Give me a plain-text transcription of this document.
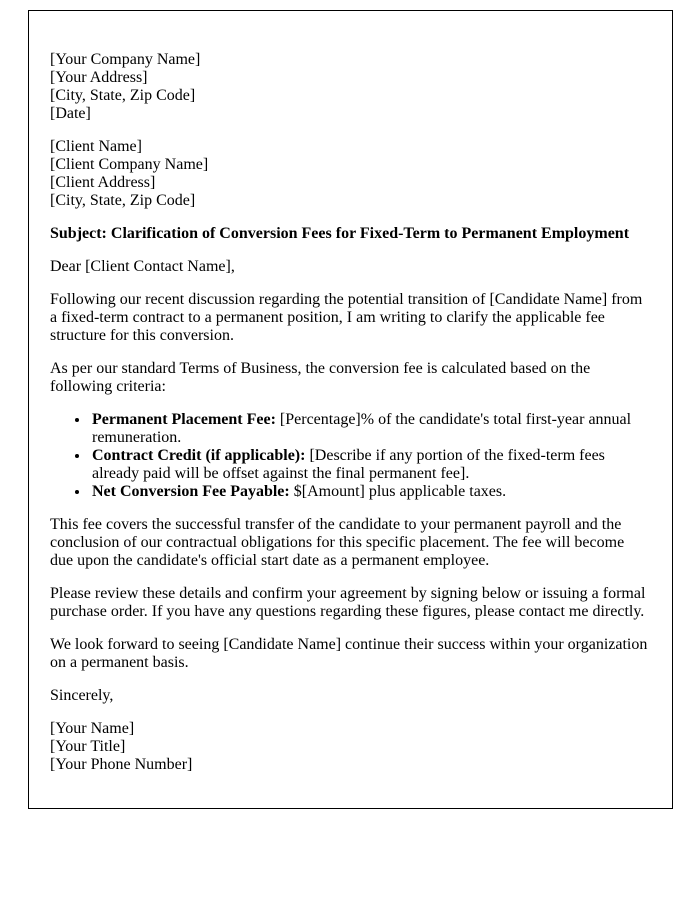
[Your Company Name]
[Your Address]
[City, State, Zip Code]
[Date]
[Client Name]
[Client Company Name]
[Client Address]
[City, State, Zip Code]
Subject: Clarification of Conversion Fees for Fixed-Term to Permanent Employment
Dear [Client Contact Name],

Following our recent discussion regarding the potential transition of [Candidate Name] from a fixed-term contract to a permanent position, I am writing to clarify the applicable fee structure for this conversion.

As per our standard Terms of Business, the conversion fee is calculated based on the following criteria:

• Permanent Placement Fee: [Percentage]% of the candidate's total first-year annual remuneration.
• Contract Credit (if applicable): [Describe if any portion of the fixed-term fees already paid will be offset against the final permanent fee].
• Net Conversion Fee Payable: $[Amount] plus applicable taxes.

This fee covers the successful transfer of the candidate to your permanent payroll and the conclusion of our contractual obligations for this specific placement. The fee will become due upon the candidate's official start date as a permanent employee.

Please review these details and confirm your agreement by signing below or issuing a formal purchase order. If you have any questions regarding these figures, please contact me directly.

We look forward to seeing [Candidate Name] continue their success within your organization on a permanent basis.

Sincerely,
[Your Name]
[Your Title]
[Your Phone Number]
